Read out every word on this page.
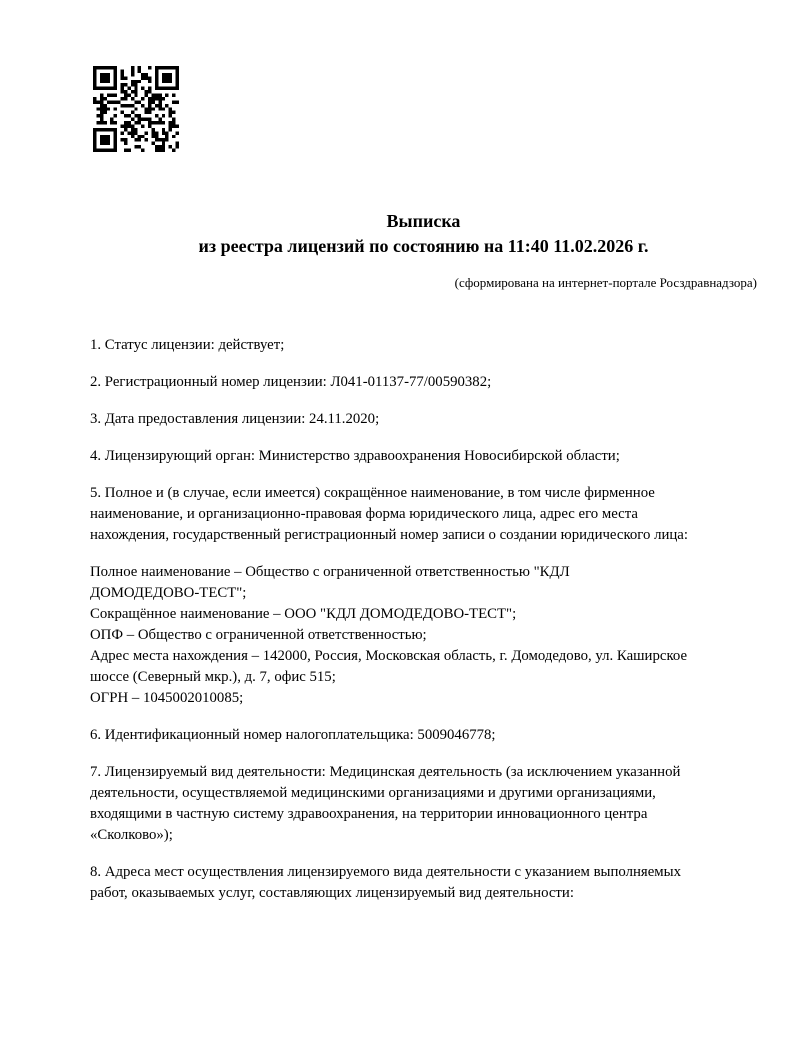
Выписка
из реестра лицензий по состоянию на 11:40 11.02.2026 г.
(сформирована на интернет-портале Росздравнадзора)
1. Статус лицензии: действует;
2. Регистрационный номер лицензии: Л041-01137-77/00590382;
3. Дата предоставления лицензии: 24.11.2020;
4. Лицензирующий орган: Министерство здравоохранения Новосибирской области;
5. Полное и (в случае, если имеется) сокращённое наименование, в том числе фирменное
наименование, и организационно-правовая форма юридического лица, адрес его места
нахождения, государственный регистрационный номер записи о создании юридического лица:
Полное наименование – Общество с ограниченной ответственностью "КДЛ
ДОМОДЕДОВО-ТЕСТ";
Сокращённое наименование – ООО "КДЛ ДОМОДЕДОВО-ТЕСТ";
ОПФ – Общество с ограниченной ответственностью;
Адрес места нахождения – 142000, Россия, Московская область, г. Домодедово, ул. Каширское
шоссе (Северный мкр.), д. 7, офис 515;
ОГРН – 1045002010085;
6. Идентификационный номер налогоплательщика: 5009046778;
7. Лицензируемый вид деятельности: Медицинская деятельность (за исключением указанной
деятельности, осуществляемой медицинскими организациями и другими организациями,
входящими в частную систему здравоохранения, на территории инновационного центра
«Сколково»);
8. Адреса мест осуществления лицензируемого вида деятельности с указанием выполняемых
работ, оказываемых услуг, составляющих лицензируемый вид деятельности:
